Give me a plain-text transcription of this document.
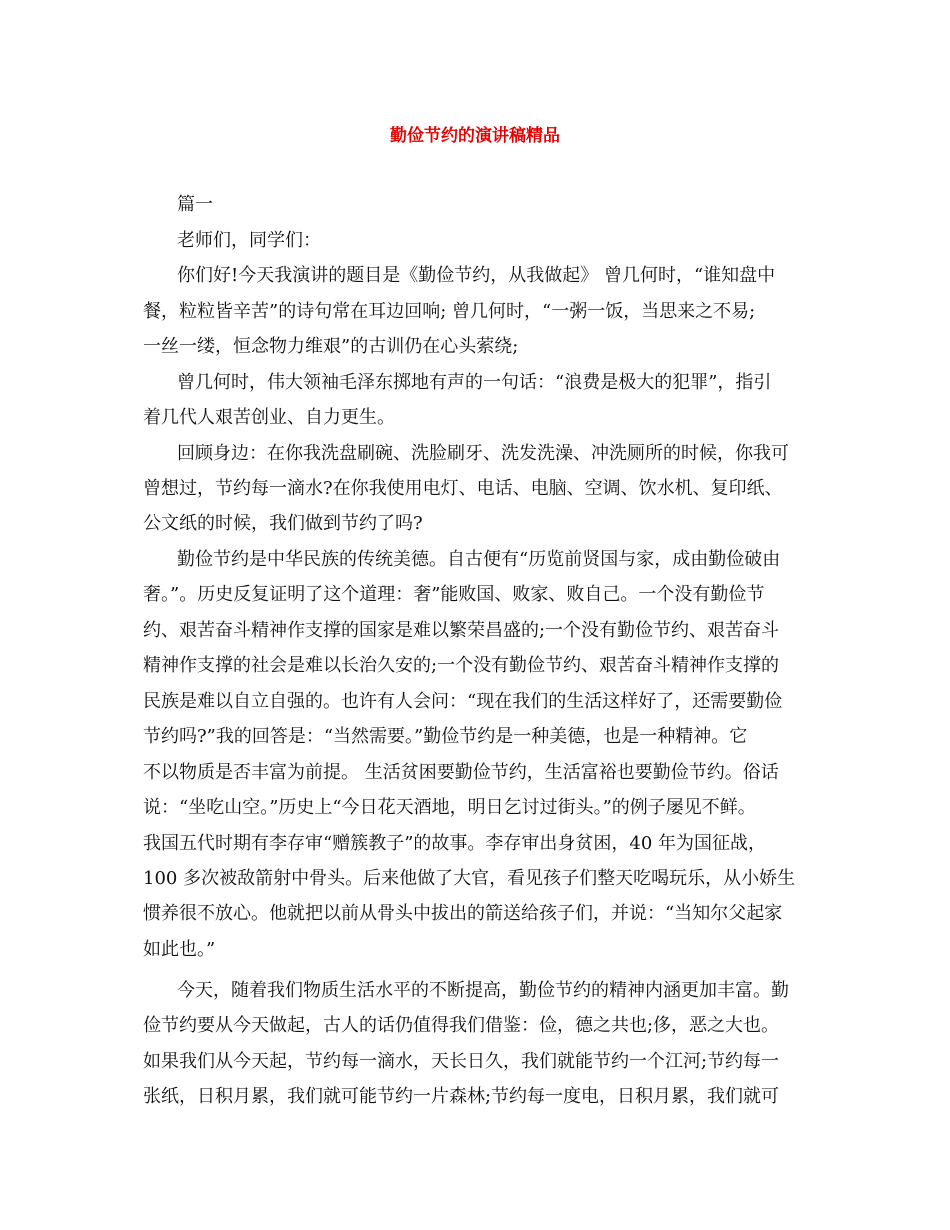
勤俭节约的演讲稿精品
篇一
老师们，同学们：
你们好!今天我演讲的题目是《勤俭节约，从我做起》 曾几何时，“谁知盘中
餐，粒粒皆辛苦”的诗句常在耳边回响; 曾几何时，“一粥一饭，当思来之不易;
一丝一缕，恒念物力维艰”的古训仍在心头萦绕;
曾几何时，伟大领袖毛泽东掷地有声的一句话：“浪费是极大的犯罪”，指引
着几代人艰苦创业、自力更生。
回顾身边：在你我洗盘刷碗、洗脸刷牙、洗发洗澡、冲洗厕所的时候，你我可
曾想过，节约每一滴水?在你我使用电灯、电话、电脑、空调、饮水机、复印纸、
公文纸的时候，我们做到节约了吗?
勤俭节约是中华民族的传统美德。自古便有“历览前贤国与家，成由勤俭破由
奢。”。历史反复证明了这个道理：奢”能败国、败家、败自己。一个没有勤俭节
约、艰苦奋斗精神作支撑的国家是难以繁荣昌盛的;一个没有勤俭节约、艰苦奋斗
精神作支撑的社会是难以长治久安的;一个没有勤俭节约、艰苦奋斗精神作支撑的
民族是难以自立自强的。也许有人会问：“现在我们的生活这样好了，还需要勤俭
节约吗?”我的回答是：“当然需要。”勤俭节约是一种美德，也是一种精神。它
不以物质是否丰富为前提。 生活贫困要勤俭节约，生活富裕也要勤俭节约。俗话
说：“坐吃山空。”历史上“今日花天酒地，明日乞讨过街头。”的例子屡见不鲜。
我国五代时期有李存审“赠簇教子”的故事。李存审出身贫困，40 年为国征战，
100 多次被敌箭射中骨头。后来他做了大官，看见孩子们整天吃喝玩乐，从小娇生
惯养很不放心。他就把以前从骨头中拔出的箭送给孩子们，并说：“当知尔父起家
如此也。”
今天，随着我们物质生活水平的不断提高，勤俭节约的精神内涵更加丰富。勤
俭节约要从今天做起，古人的话仍值得我们借鉴：俭，德之共也;侈，恶之大也。
如果我们从今天起，节约每一滴水，天长日久，我们就能节约一个江河;节约每一
张纸，日积月累，我们就可能节约一片森林;节约每一度电，日积月累，我们就可
